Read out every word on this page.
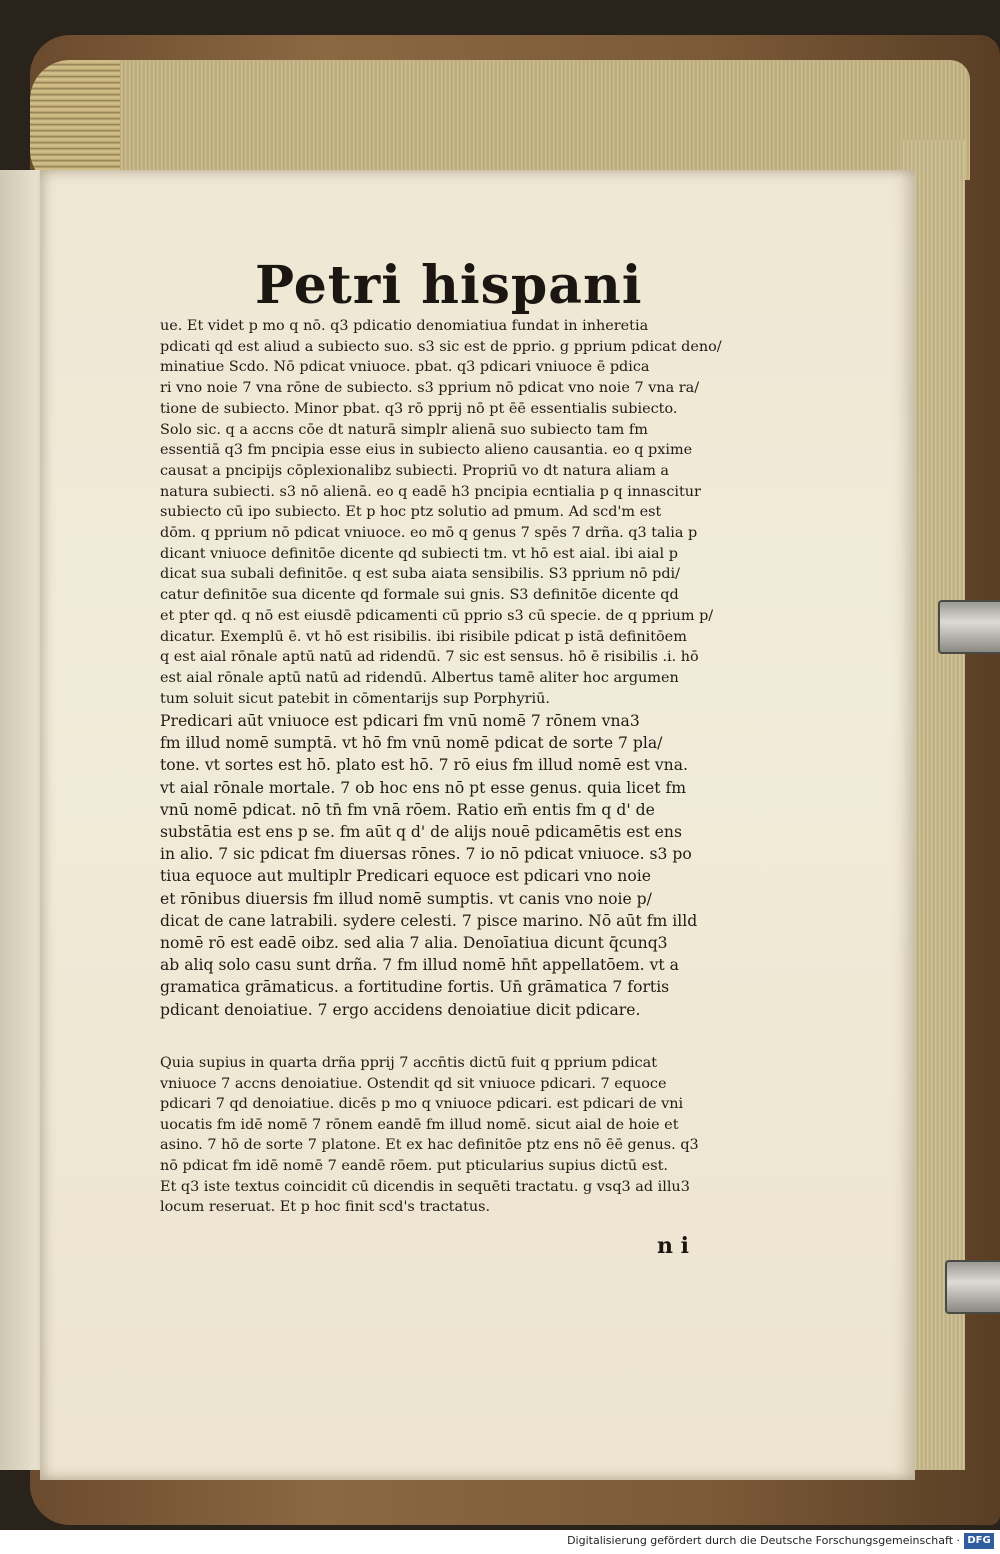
Petri hispani
ue. Et videt p mo q nō. q3 pdicatio denomiatiua fundat in inheretia
pdicati qd est aliud a subiecto suo. s3 sic est de pprio. g pprium pdicat deno/
minatiue Scdo. Nō pdicat vniuoce. pbat. q3 pdicari vniuoce ē pdica
ri vno noie 7 vna rōne de subiecto. s3 pprium nō pdicat vno noie 7 vna ra/
tione de subiecto. Minor pbat. q3 rō pprij nō pt ēē essentialis subiecto.
Solo sic. q a accns cōe dt naturā simplr alienā suo subiecto tam fm
essentiā q3 fm pncipia esse eius in subiecto alieno causantia. eo q pxime
causat a pncipijs cōplexionalibz subiecti. Propriū vo dt natura aliam a
natura subiecti. s3 nō alienā. eo q eadē h3 pncipia ecntialia p q innascitur
subiecto cū ipo subiecto. Et p hoc ptz solutio ad pmum. Ad scd'm est
dōm. q pprium nō pdicat vniuoce. eo mō q genus 7 spēs 7 drña. q3 talia p
dicant vniuoce definitōe dicente qd subiecti tm. vt hō est aial. ibi aial p
dicat sua subali definitōe. q est suba aiata sensibilis. S3 pprium nō pdi/
catur definitōe sua dicente qd formale sui gnis. S3 definitōe dicente qd
et pter qd. q nō est eiusdē pdicamenti cū pprio s3 cū specie. de q pprium p/
dicatur. Exemplū ē. vt hō est risibilis. ibi risibile pdicat p istā definitōem
q est aial rōnale aptū natū ad ridendū. 7 sic est sensus. hō ē risibilis .i. hō
est aial rōnale aptū natū ad ridendū. Albertus tamē aliter hoc argumen
tum soluit sicut patebit in cōmentarijs sup Porphyriū.
Predicari aūt vniuoce est pdicari fm vnū nomē 7 rōnem vna3
fm illud nomē sumptā. vt hō fm vnū nomē pdicat de sorte 7 pla/
tone. vt sortes est hō. plato est hō. 7 rō eius fm illud nomē est vna.
vt aial rōnale mortale. 7 ob hoc ens nō pt esse genus. quia licet fm
vnū nomē pdicat. nō tn̄ fm vnā rōem. Ratio em̄ entis fm q d' de
substātia est ens p se. fm aūt q d' de alijs nouē pdicamētis est ens
in alio. 7 sic pdicat fm diuersas rōnes. 7 io nō pdicat vniuoce. s3 po
tiua equoce aut multiplr Predicari equoce est pdicari vno noie
et rōnibus diuersis fm illud nomē sumptis. vt canis vno noie p/
dicat de cane latrabili. sydere celesti. 7 pisce marino. Nō aūt fm illd
nomē rō est eadē oibz. sed alia 7 alia. Denoīatiua dicunt q̄cunq3
ab aliq solo casu sunt drña. 7 fm illud nomē hn̄t appellatōem. vt a
gramatica grāmaticus. a fortitudine fortis. Un̄ grāmatica 7 fortis
pdicant denoiatiue. 7 ergo accidens denoiatiue dicit pdicare.
Quia supius in quarta drña pprij 7 accn̄tis dictū fuit q pprium pdicat
vniuoce 7 accns denoiatiue. Ostendit qd sit vniuoce pdicari. 7 equoce
pdicari 7 qd denoiatiue. dicēs p mo q vniuoce pdicari. est pdicari de vni
uocatis fm idē nomē 7 rōnem eandē fm illud nomē. sicut aial de hoie et
asino. 7 hō de sorte 7 platone. Et ex hac definitōe ptz ens nō ēē genus. q3
nō pdicat fm idē nomē 7 eandē rōem. put pticularius supius dictū est.
Et q3 iste textus coincidit cū dicendis in sequēti tractatu. g vsq3 ad illu3
locum reseruat. Et p hoc finit scd's tractatus.
n i
Digitalisierung gefördert durch die Deutsche Forschungsgemeinschaft · DFG
